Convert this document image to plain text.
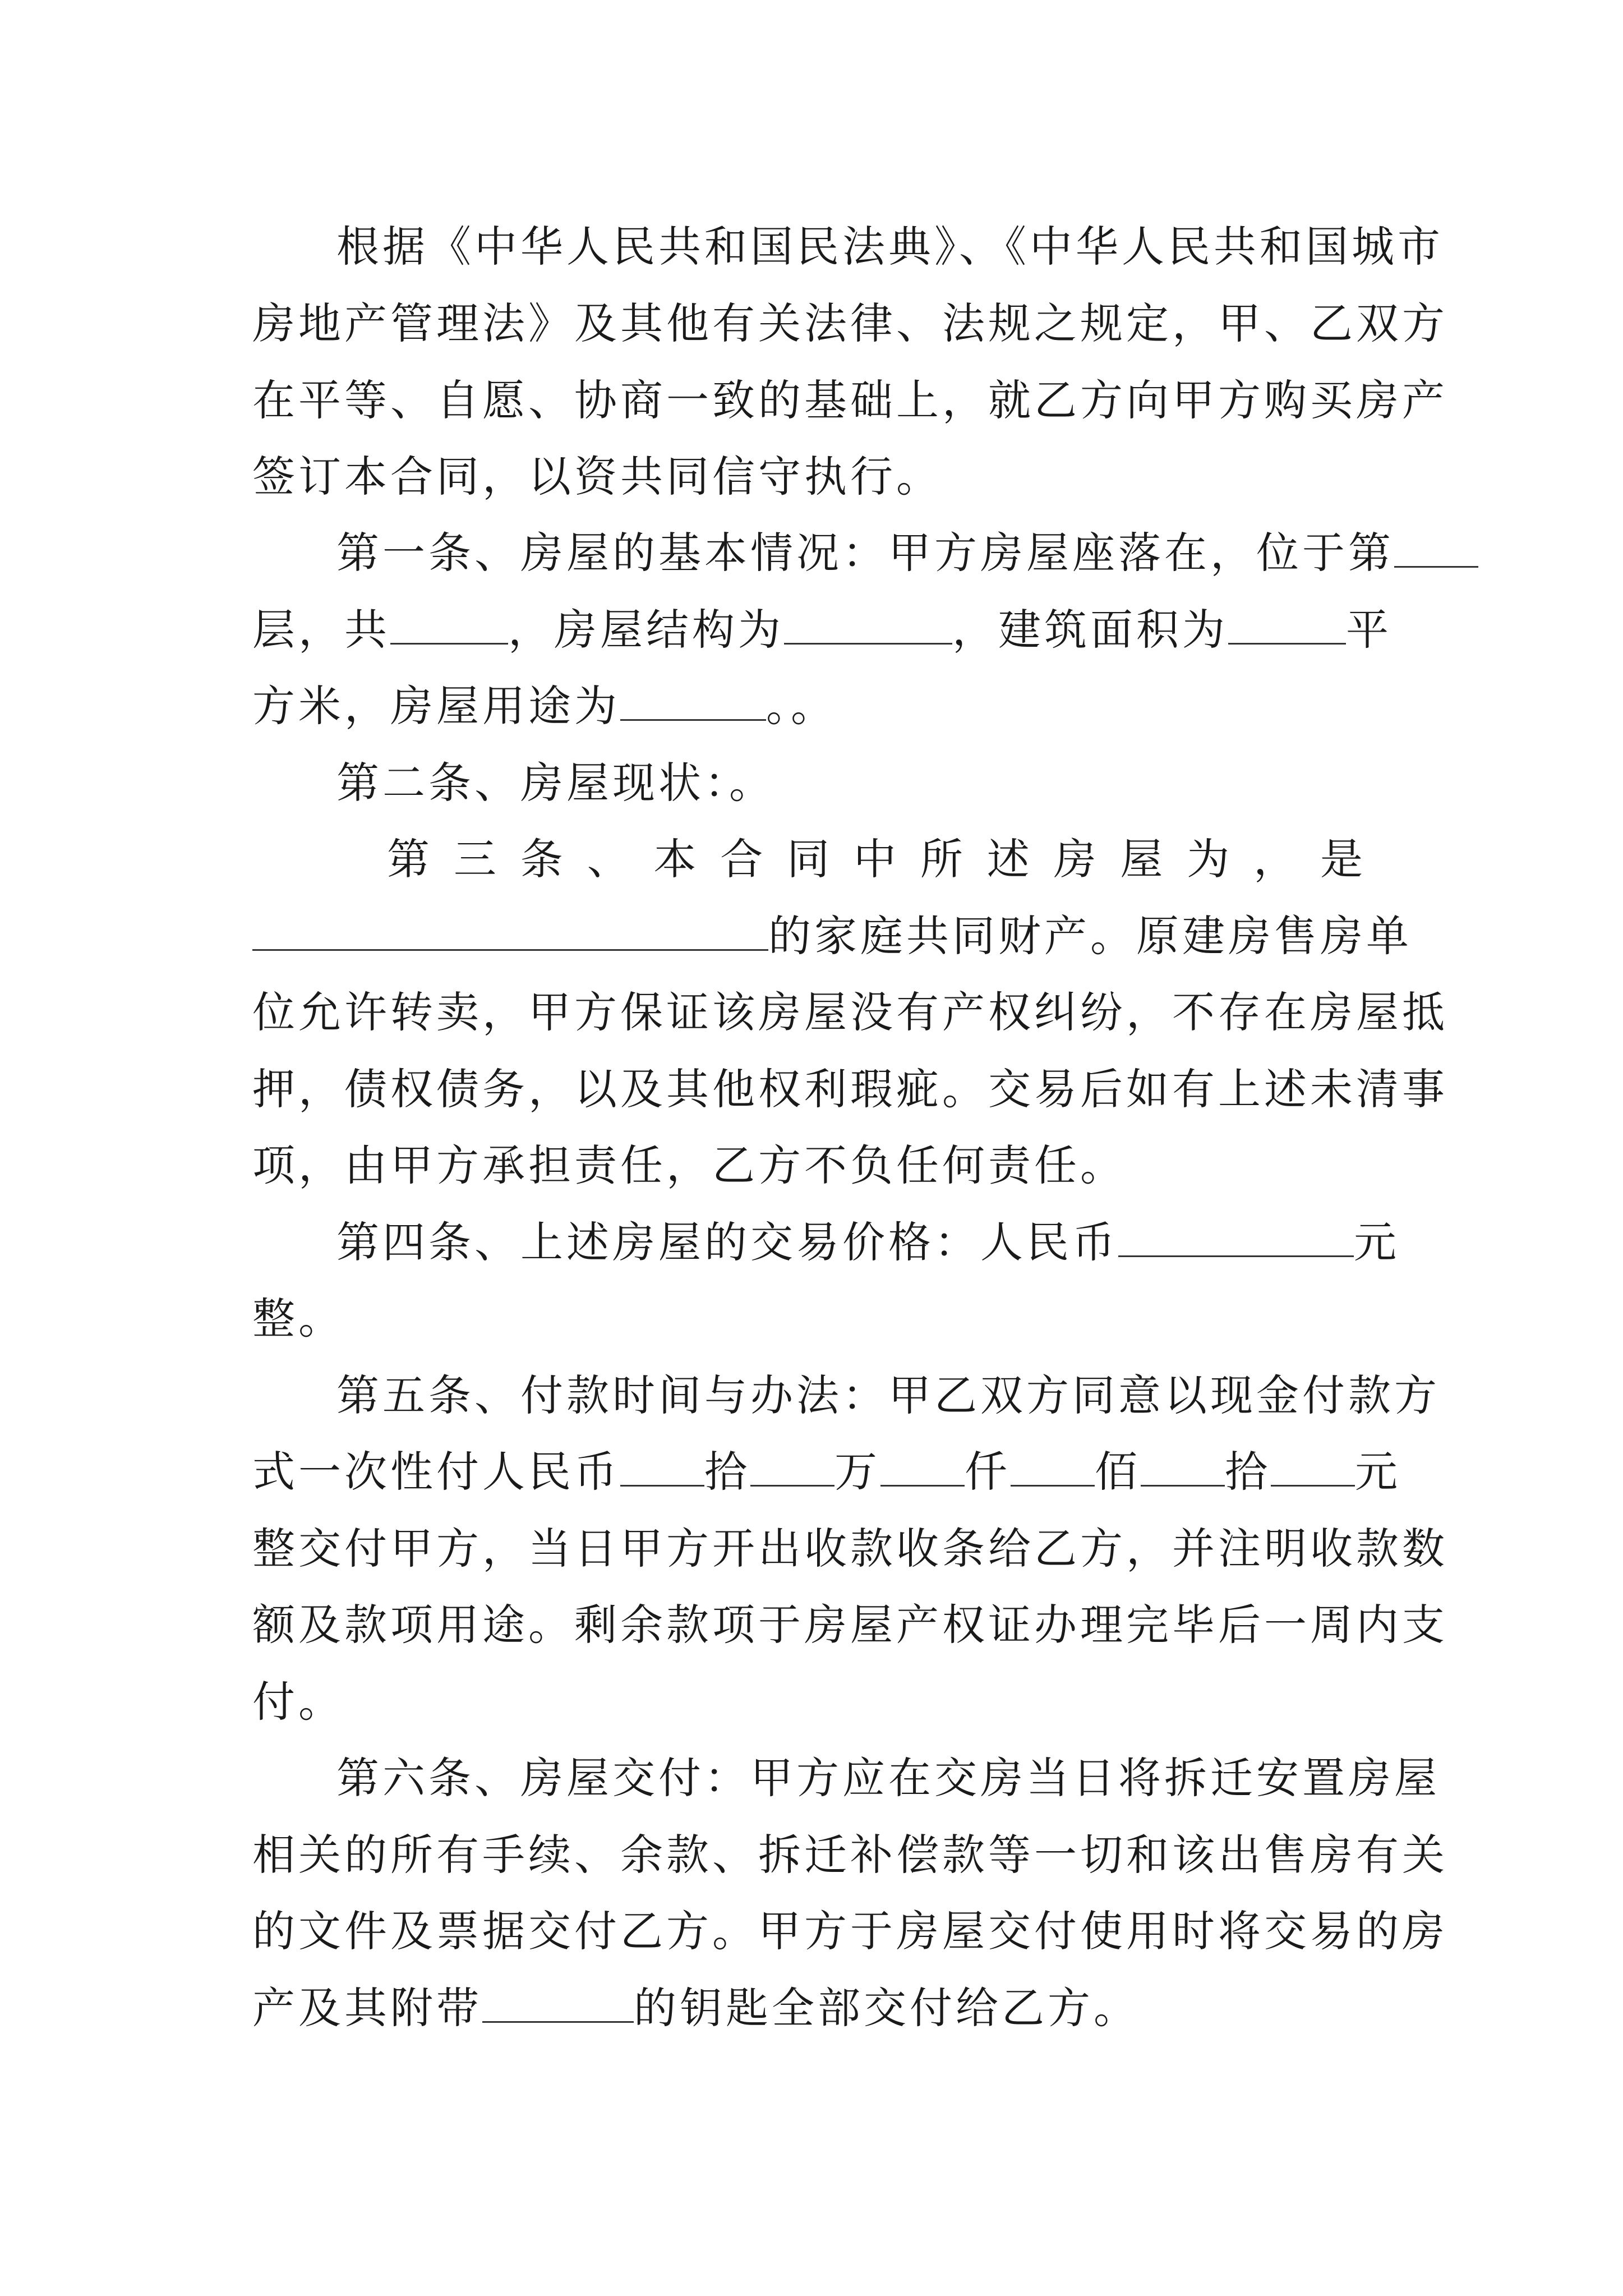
根据《中华人民共和国民法典》、《中华人民共和国城市
房地产管理法》及其他有关法律、法规之规定，甲、乙双方
在平等、自愿、协商一致的基础上，就乙方向甲方购买房产
签订本合同，以资共同信守执行。
第一条、房屋的基本情况：甲方房屋座落在，位于第
层，共	，房屋结构为	，建筑面积为	平
方米，房屋用途为	。。
第二条、房屋现状：。
第三条、本合同中所述房屋为，是
的家庭共同财产。原建房售房单
位允许转卖，甲方保证该房屋没有产权纠纷，不存在房屋抵
押，债权债务，以及其他权利瑕疵。交易后如有上述未清事
项，由甲方承担责任，乙方不负任何责任。
第四条、上述房屋的交易价格：人民币	元
整。
第五条、付款时间与办法：甲乙双方同意以现金付款方
式一次性付人民币 拾 万 仟 佰 拾 元
整交付甲方，当日甲方开出收款收条给乙方，并注明收款数
额及款项用途。剩余款项于房屋产权证办理完毕后一周内支
付。
第六条、房屋交付：甲方应在交房当日将拆迁安置房屋
相关的所有手续、余款、拆迁补偿款等一切和该出售房有关
的文件及票据交付乙方。甲方于房屋交付使用时将交易的房
产及其附带	的钥匙全部交付给乙方。
